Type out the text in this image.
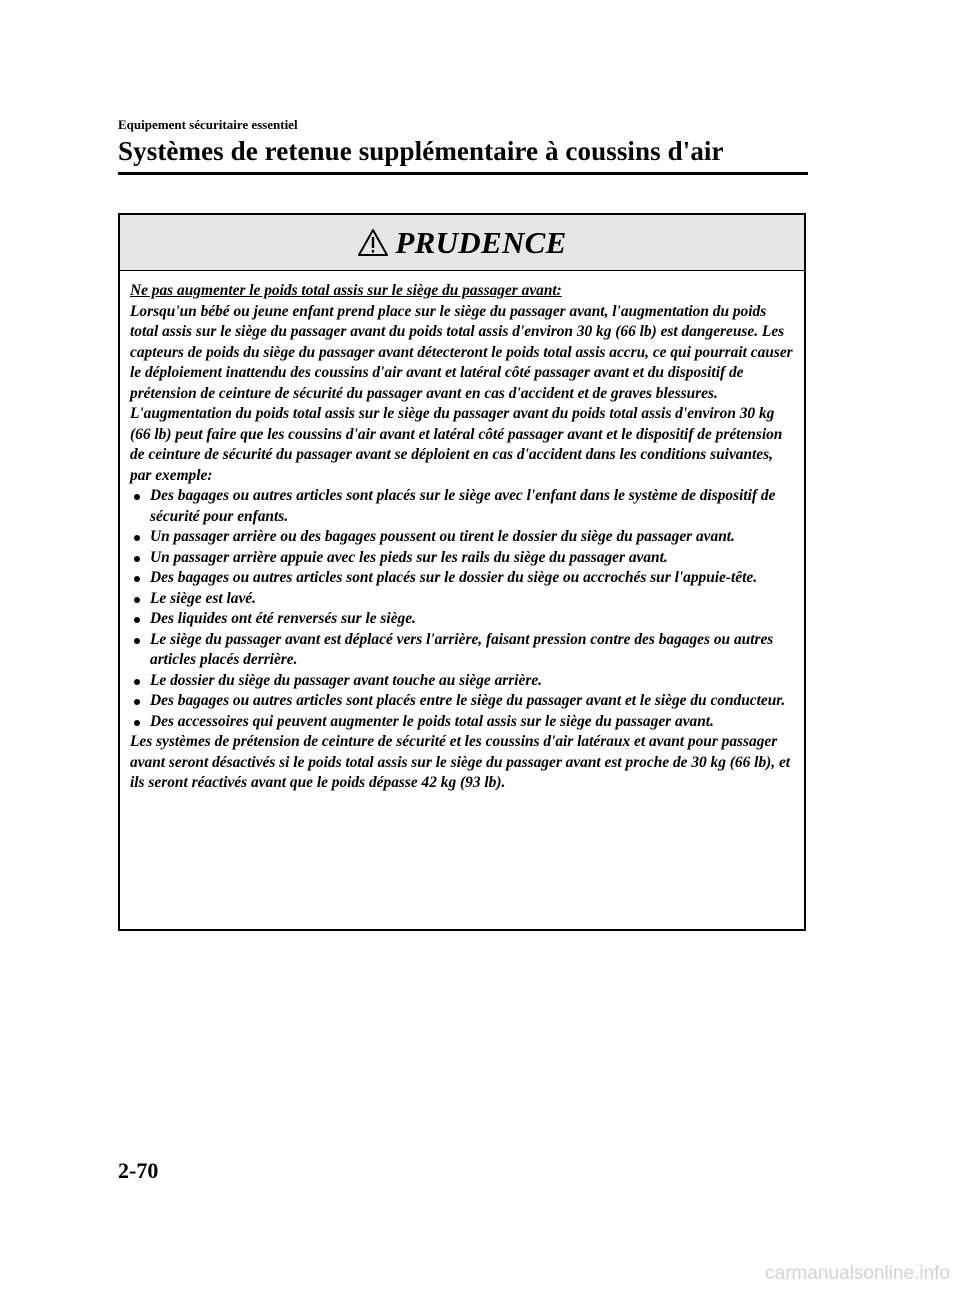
Equipement sécuritaire essentiel
Systèmes de retenue supplémentaire à coussins d'air
PRUDENCE

Ne pas augmenter le poids total assis sur le siège du passager avant:

Lorsqu'un bébé ou jeune enfant prend place sur le siège du passager avant, l'augmentation du poids total assis sur le siège du passager avant du poids total assis d'environ 30 kg (66 lb) est dangereuse. Les capteurs de poids du siège du passager avant détecteront le poids total assis accru, ce qui pourrait causer le déploiement inattendu des coussins d'air avant et latéral côté passager avant et du dispositif de prétension de ceinture de sécurité du passager avant en cas d'accident et de graves blessures. L'augmentation du poids total assis sur le siège du passager avant du poids total assis d'environ 30 kg (66 lb) peut faire que les coussins d'air avant et latéral côté passager avant et le dispositif de prétension de ceinture de sécurité du passager avant se déploient en cas d'accident dans les conditions suivantes, par exemple:

Des bagages ou autres articles sont placés sur le siège avec l'enfant dans le système de dispositif de sécurité pour enfants.
Un passager arrière ou des bagages poussent ou tirent le dossier du siège du passager avant.
Un passager arrière appuie avec les pieds sur les rails du siège du passager avant.
Des bagages ou autres articles sont placés sur le dossier du siège ou accrochés sur l'appuie-tête.
Le siège est lavé.
Des liquides ont été renversés sur le siège.
Le siège du passager avant est déplacé vers l'arrière, faisant pression contre des bagages ou autres articles placés derrière.
Le dossier du siège du passager avant touche au siège arrière.
Des bagages ou autres articles sont placés entre le siège du passager avant et le siège du conducteur.
Des accessoires qui peuvent augmenter le poids total assis sur le siège du passager avant.

Les systèmes de prétension de ceinture de sécurité et les coussins d'air latéraux et avant pour passager avant seront désactivés si le poids total assis sur le siège du passager avant est proche de 30 kg (66 lb), et ils seront réactivés avant que le poids dépasse 42 kg (93 lb).

2-70
carmanualsonline.info
